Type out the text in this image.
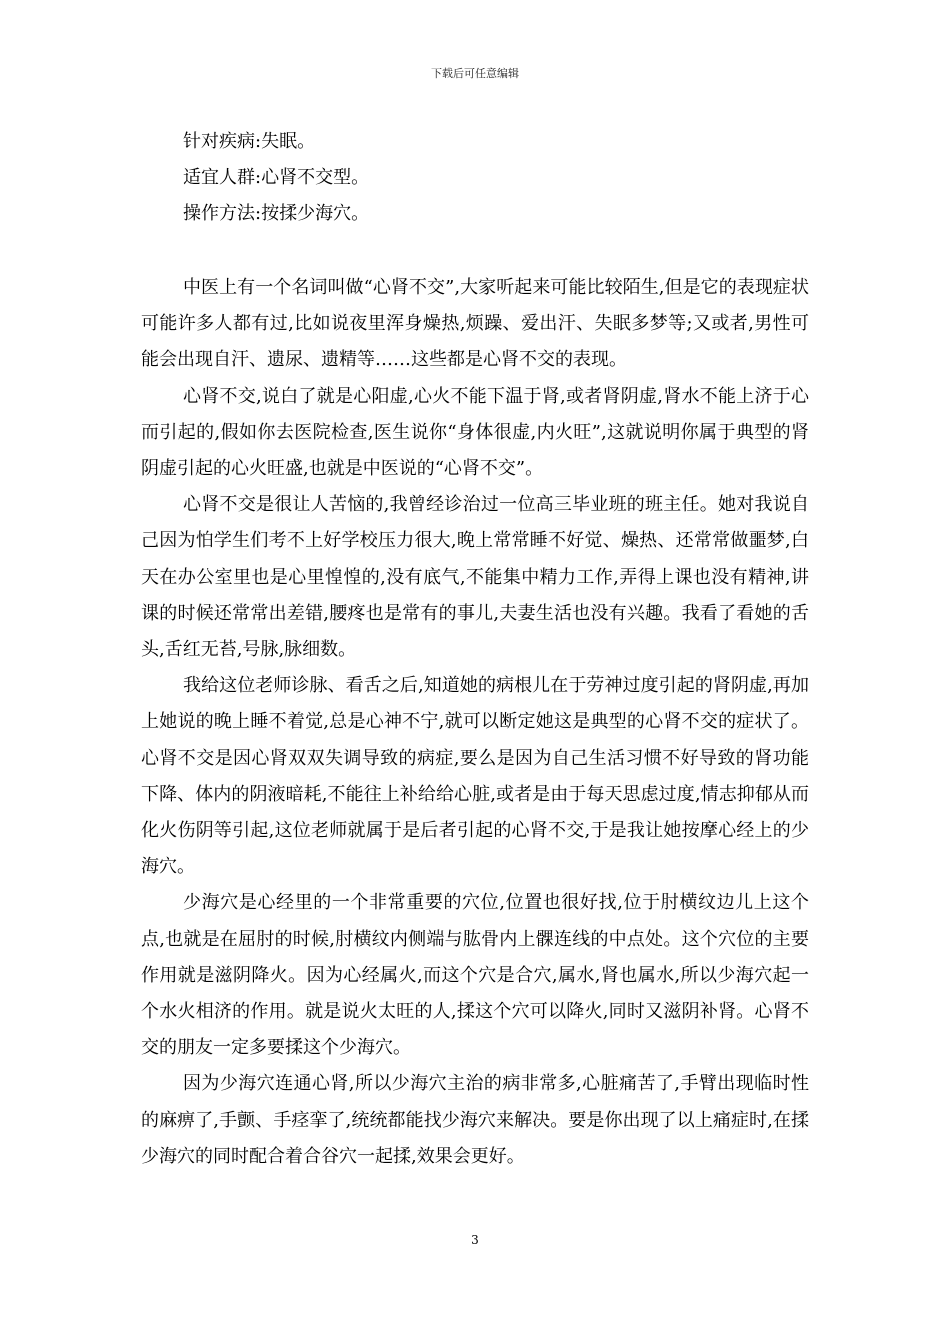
下载后可任意编辑
针对疾病:失眠。
适宜人群:心肾不交型。
操作方法:按揉少海穴。

中医上有一个名词叫做“心肾不交”,大家听起来可能比较陌生,但是它的表现症状可能许多人都有过,比如说夜里浑身燥热,烦躁、爱出汗、失眠多梦等;又或者,男性可能会出现自汗、遗尿、遗精等……这些都是心肾不交的表现。

心肾不交,说白了就是心阳虚,心火不能下温于肾,或者肾阴虚,肾水不能上济于心而引起的,假如你去医院检查,医生说你“身体很虚,内火旺”,这就说明你属于典型的肾阴虚引起的心火旺盛,也就是中医说的“心肾不交”。

心肾不交是很让人苦恼的,我曾经诊治过一位高三毕业班的班主任。她对我说自己因为怕学生们考不上好学校压力很大,晚上常常睡不好觉、燥热、还常常做噩梦,白天在办公室里也是心里惶惶的,没有底气,不能集中精力工作,弄得上课也没有精神,讲课的时候还常常出差错,腰疼也是常有的事儿,夫妻生活也没有兴趣。我看了看她的舌头,舌红无苔,号脉,脉细数。

我给这位老师诊脉、看舌之后,知道她的病根儿在于劳神过度引起的肾阴虚,再加上她说的晚上睡不着觉,总是心神不宁,就可以断定她这是典型的心肾不交的症状了。心肾不交是因心肾双双失调导致的病症,要么是因为自己生活习惯不好导致的肾功能下降、体内的阴液暗耗,不能往上补给给心脏,或者是由于每天思虑过度,情志抑郁从而化火伤阴等引起,这位老师就属于是后者引起的心肾不交,于是我让她按摩心经上的少海穴。

少海穴是心经里的一个非常重要的穴位,位置也很好找,位于肘横纹边儿上这个点,也就是在屈肘的时候,肘横纹内侧端与肱骨内上髁连线的中点处。这个穴位的主要作用就是滋阴降火。因为心经属火,而这个穴是合穴,属水,肾也属水,所以少海穴起一个水火相济的作用。就是说火太旺的人,揉这个穴可以降火,同时又滋阴补肾。心肾不交的朋友一定多要揉这个少海穴。

因为少海穴连通心肾,所以少海穴主治的病非常多,心脏痛苦了,手臂出现临时性的麻痹了,手颤、手痉挛了,统统都能找少海穴来解决。要是你出现了以上痛症时,在揉少海穴的同时配合着合谷穴一起揉,效果会更好。

3
